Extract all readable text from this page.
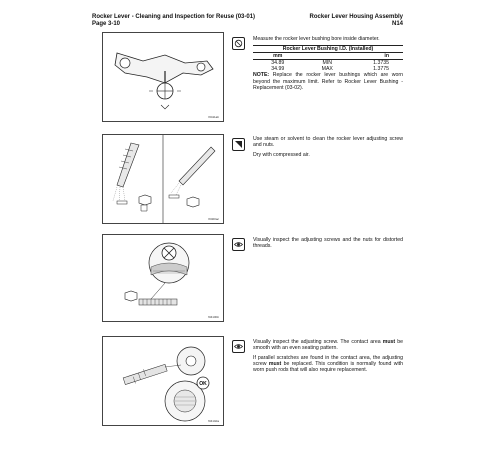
Rocker Lever - Cleaning and Inspection for Reuse (03-01)
Page 3-10
Rocker Lever Housing Assembly
N14
f0411ab

Measure the rocker lever bushing bore inside diameter.

Rocker Lever Bushing I.D. (Installed)		
mm		in
34.89	MIN	1.3735
34.99	MAX	1.3775

NOTE: Replace the rocker lever bushings which are worn beyond the maximum limit. Refer to Rocker Lever Bushing - Replacement (03-02).

f0400ac

Use steam or solvent to clean the rocker lever adjusting screw and nuts.

Dry with compressed air.

f0410bb

Visually inspect the adjusting screws and the nuts for distorted threads.

OK
f0410da

Visually inspect the adjusting screw. The contact area must be smooth with an even seating pattern.

If parallel scratches are found in the contact area, the adjusting screw must be replaced. This condition is normally found with worn push rods that will also require replacement.
